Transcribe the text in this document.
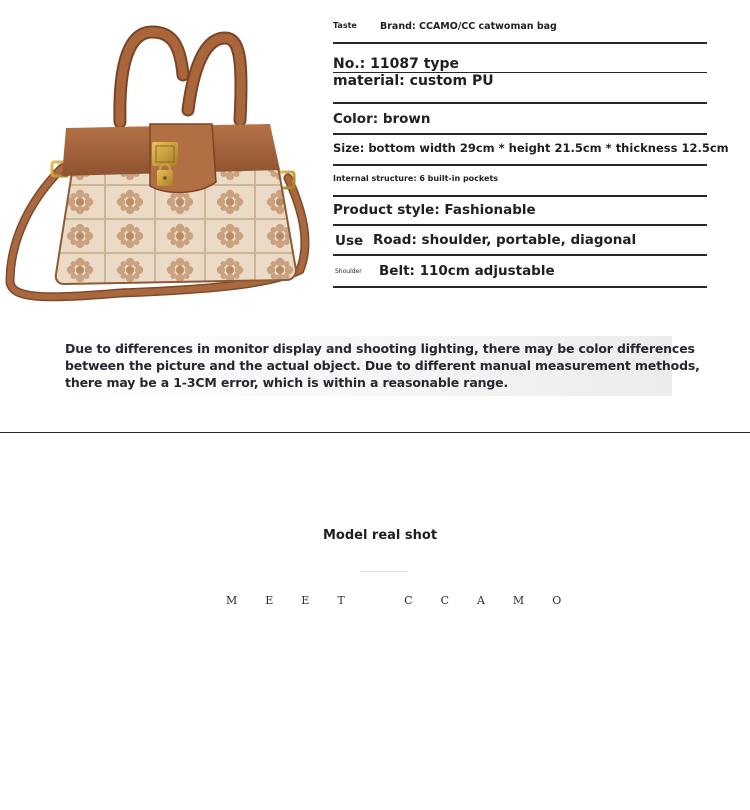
Taste Brand: CCAMO/CC catwoman bag
No.: 11087 type
material: custom PU
Color: brown
Size: bottom width 29cm * height 21.5cm * thickness 12.5cm
Internal structure: 6 built-in pockets
Product style: Fashionable
Use Road: shoulder, portable, diagonal
Shoulder Belt: 110cm adjustable

Due to differences in monitor display and shooting lighting, there may be color differences between the picture and the actual object. Due to different manual measurement methods, there may be a 1-3CM error, which is within a reasonable range.

Model real shot

MEET CCAMO
